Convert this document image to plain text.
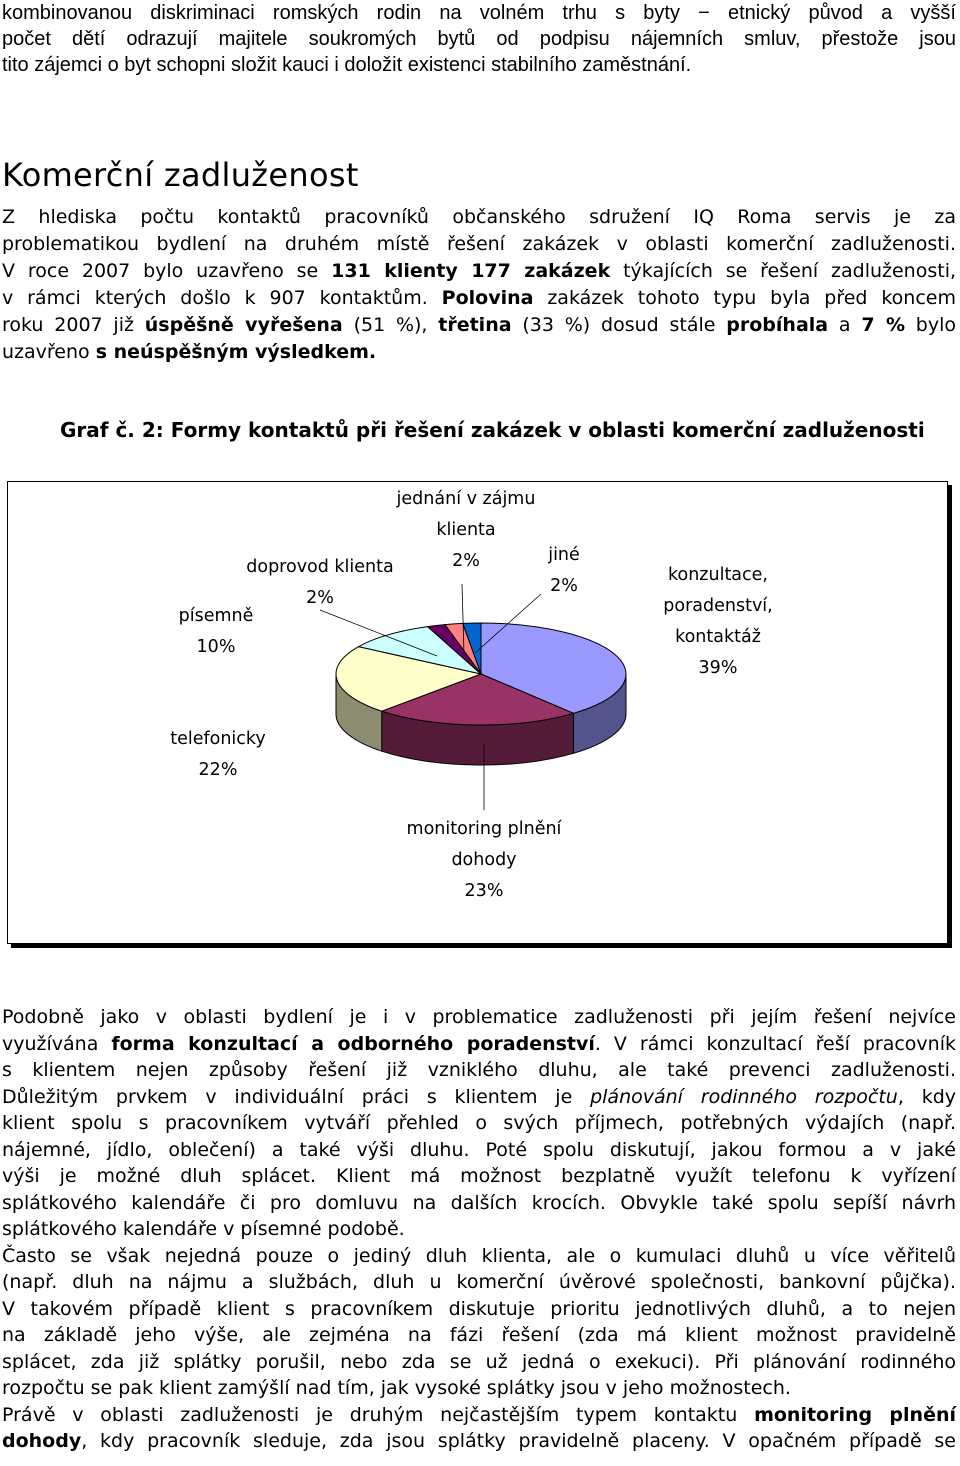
kombinovanou diskriminaci romských rodin na volném trhu s byty − etnický původ a vyšší
počet dětí odrazují majitele soukromých bytů od podpisu nájemních smluv, přestože jsou
tito zájemci o byt schopni složit kauci i doložit existenci stabilního zaměstnání.
Komerční zadluženost
Z hlediska počtu kontaktů pracovníků občanského sdružení IQ Roma servis je za
problematikou bydlení na druhém místě řešení zakázek v oblasti komerční zadluženosti.
V roce 2007 bylo uzavřeno se 131 klienty 177 zakázek týkajících se řešení zadluženosti,
v rámci kterých došlo k 907 kontaktům. Polovina zakázek tohoto typu byla před koncem
roku 2007 již úspěšně vyřešena (51 %), třetina (33 %) dosud stále probíhala a 7 % bylo
uzavřeno s neúspěšným výsledkem.

Graf č. 2: Formy kontaktů při řešení zakázek v oblasti komerční zadluženosti

konzultace,
poradenství,
kontaktáž
39%
monitoring plnění
dohody
23%
telefonicky
22%
písemně
10%
doprovod klienta
2%
jednání v zájmu
klienta
2%	jiné
2%
Podobně jako v oblasti bydlení je i v problematice zadluženosti při jejím řešení nejvíce
využívána forma konzultací a odborného poradenství. V rámci konzultací řeší pracovník
s klientem nejen způsoby řešení již vzniklého dluhu, ale také prevenci zadluženosti.
Důležitým prvkem v individuální práci s klientem je plánování rodinného rozpočtu, kdy
klient spolu s pracovníkem vytváří přehled o svých příjmech, potřebných výdajích (např.
nájemné, jídlo, oblečení) a také výši dluhu. Poté spolu diskutují, jakou formou a v jaké
výši je možné dluh splácet. Klient má možnost bezplatně využít telefonu k vyřízení
splátkového kalendáře či pro domluvu na dalších krocích. Obvykle také spolu sepíší návrh
splátkového kalendáře v písemné podobě.
Často se však nejedná pouze o jediný dluh klienta, ale o kumulaci dluhů u více věřitelů
(např. dluh na nájmu a službách, dluh u komerční úvěrové společnosti, bankovní půjčka).
V takovém případě klient s pracovníkem diskutuje prioritu jednotlivých dluhů, a to nejen
na základě jeho výše, ale zejména na fázi řešení (zda má klient možnost pravidelně
splácet, zda již splátky porušil, nebo zda se už jedná o exekuci). Při plánování rodinného
rozpočtu se pak klient zamýšlí nad tím, jak vysoké splátky jsou v jeho možnostech.
Právě v oblasti zadluženosti je druhým nejčastějším typem kontaktu monitoring plnění
dohody, kdy pracovník sleduje, zda jsou splátky pravidelně placeny. V opačném případě se
